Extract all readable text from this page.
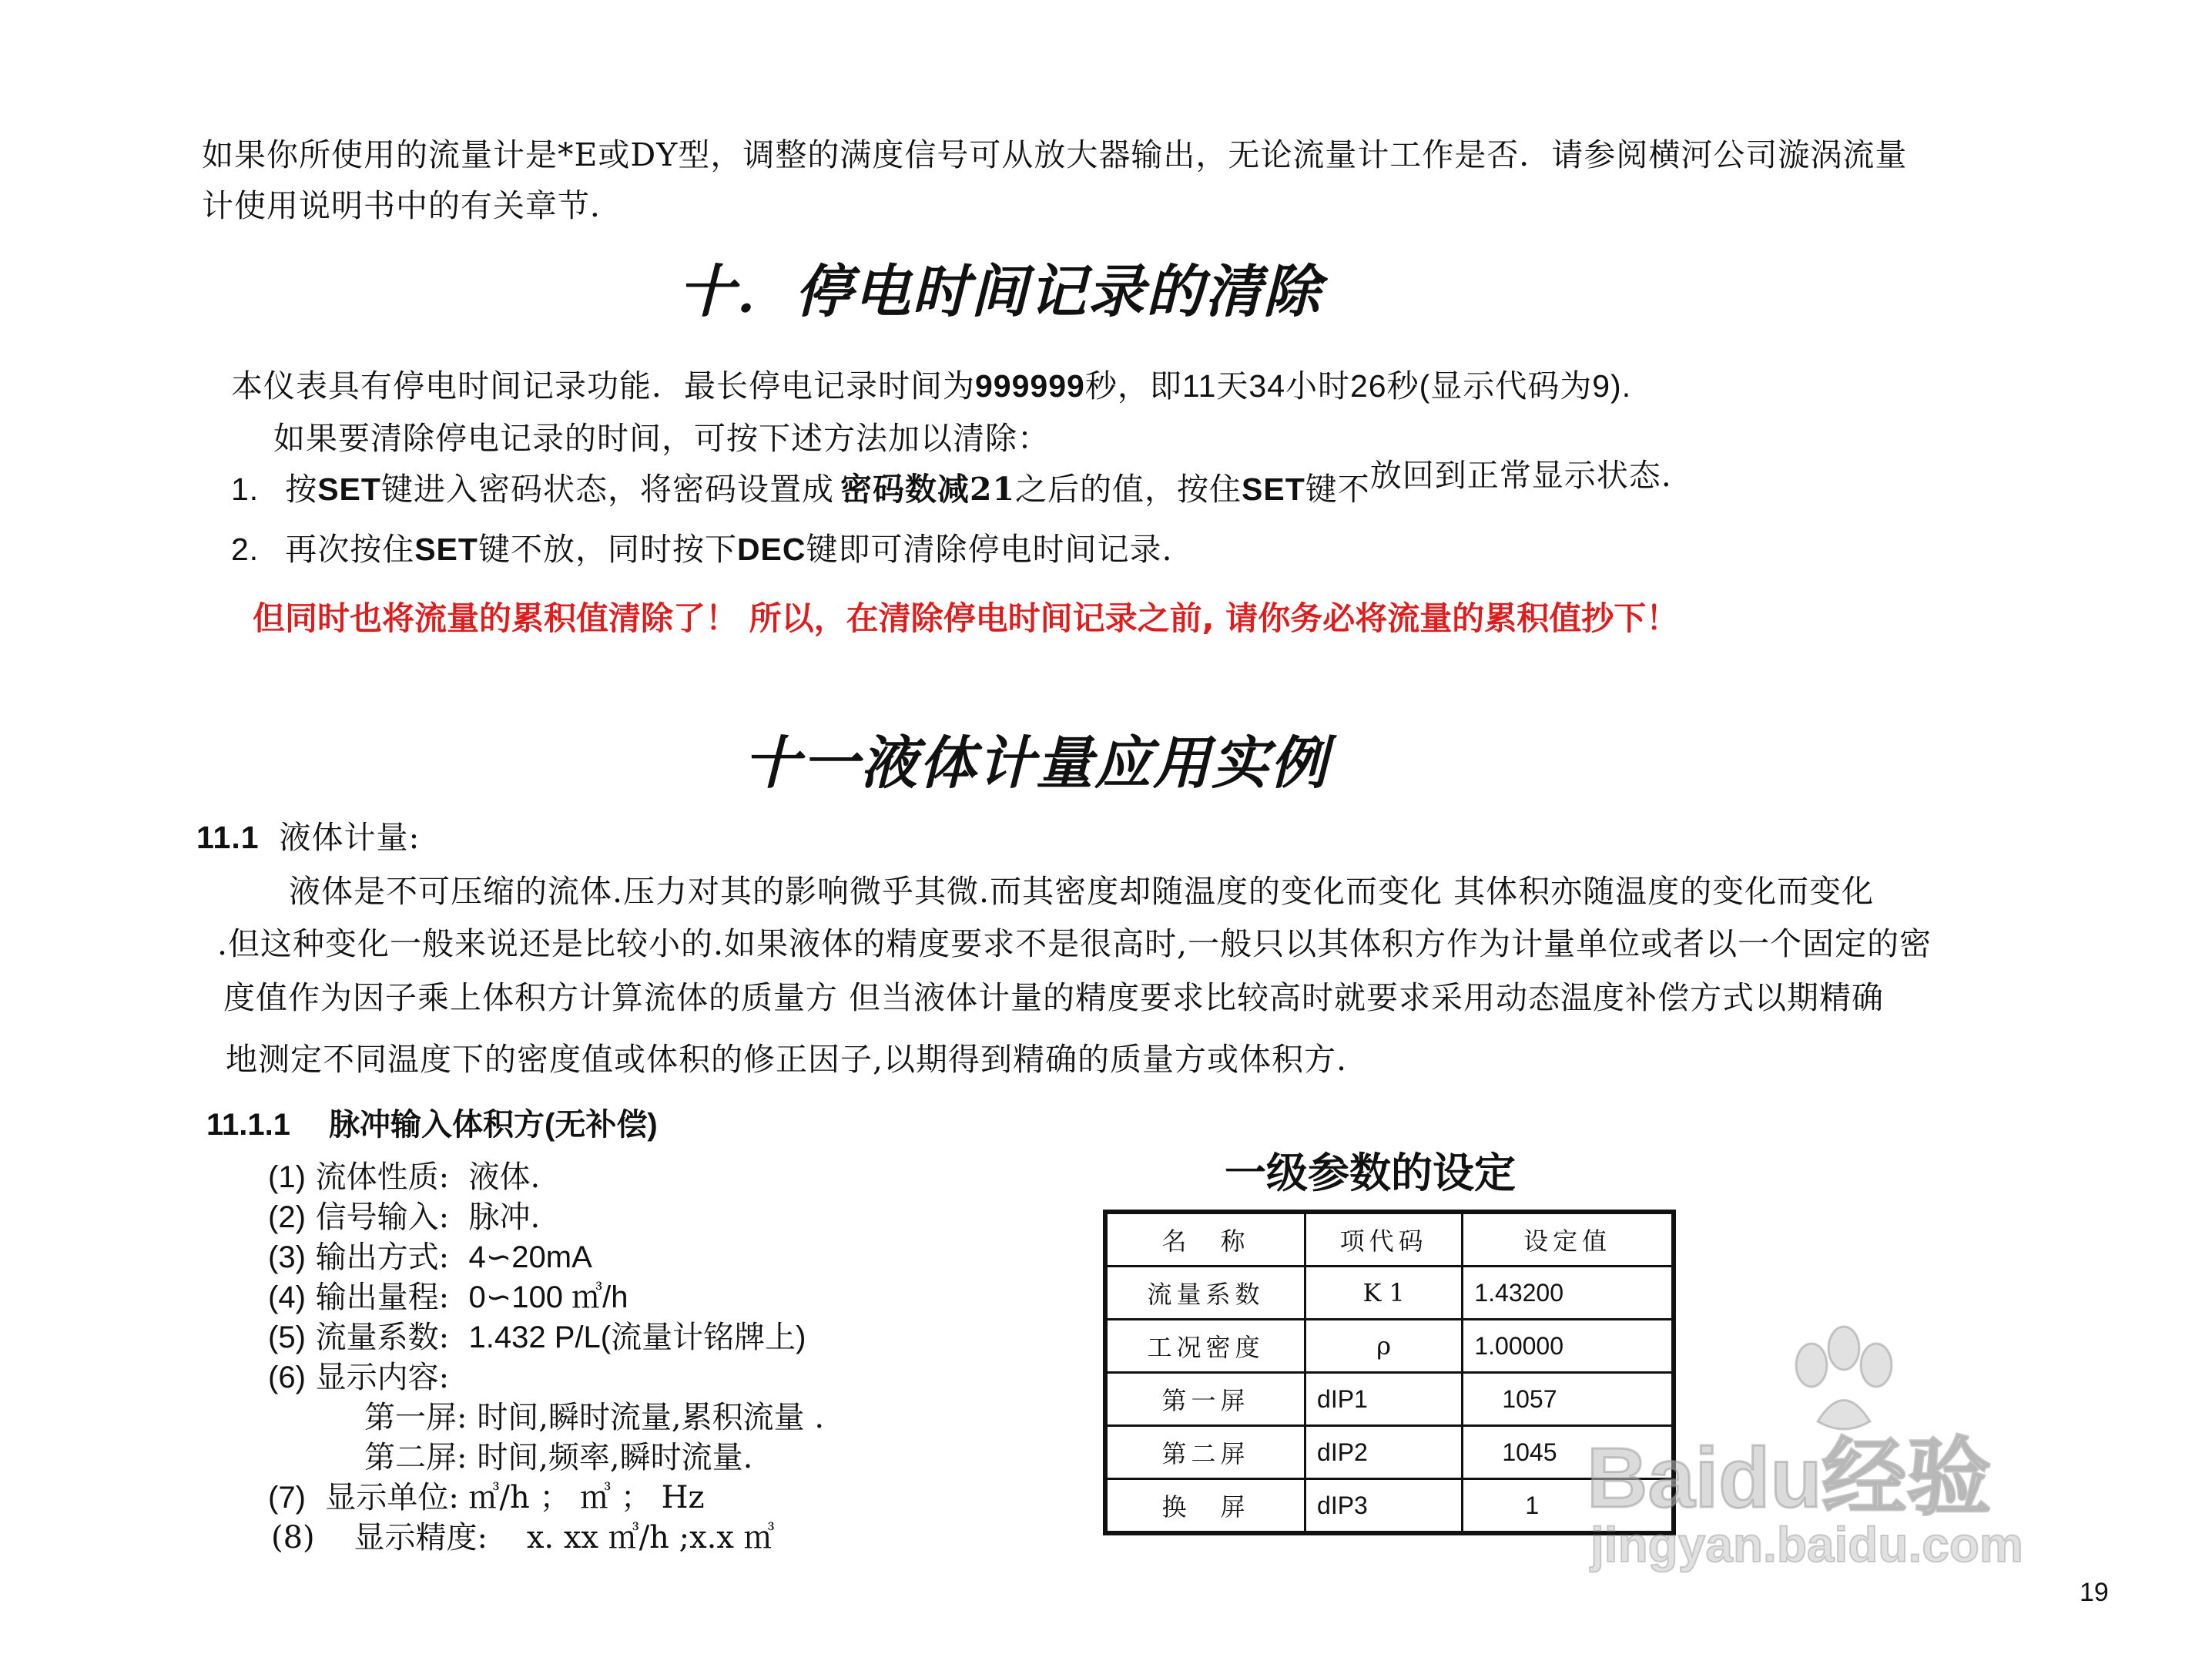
如果你所使用的流量计是*E或DY型，调整的满度信号可从放大器输出，无论流量计工作是否．请参阅横河公司漩涡流量
计使用说明书中的有关章节．
十．停电时间记录的清除
本仪表具有停电时间记录功能．最长停电记录时间为999999秒，即11天34小时26秒(显示代码为9).
如果要清除停电记录的时间，可按下述方法加以清除：
1. 按SET键进入密码状态，将密码设置成 密码数减21之后的值，按住SET键不放回到正常显示状态.
2. 再次按住SET键不放，同时按下DEC键即可清除停电时间记录.
但同时也将流量的累积值清除了！ 所以，在清除停电时间记录之前, 请你务必将流量的累积值抄下！
十一液体计量应用实例
11.1 液体计量:
液体是不可压缩的流体.压力对其的影响微乎其微.而其密度却随温度的变化而变化 其体积亦随温度的变化而变化
.但这种变化一般来说还是比较小的.如果液体的精度要求不是很高时,一般只以其体积方作为计量单位或者以一个固定的密
度值作为因子乘上体积方计算流体的质量方 但当液体计量的精度要求比较高时就要求采用动态温度补偿方式以期精确
地测定不同温度下的密度值或体积的修正因子,以期得到精确的质量方或体积方.
11.1.1 脉冲输入体积方(无补偿)
(1) 流体性质: 液体.
(2) 信号输入: 脉冲.
(3) 输出方式: 4∽20mA
(4) 输出量程: 0∽100 ㎥/h
(5) 流量系数: 1.432 P/L(流量计铭牌上)
(6) 显示内容:
第一屏: 时间,瞬时流量,累积流量 .
第二屏: 时间,频率,瞬时流量.
(7) 显示单位: ㎥/h ； ㎥ ； Hz
(8) 显示精度: x. xx ㎥/h ;x.x ㎥
一级参数的设定
名　称	项代码	设定值
流量系数	K 1	1.43200
工况密度	ρ	1.00000
第一屏	dIP1	1057
第二屏	dIP2	1045
换　屏	dIP3	1 Baidu经验
jingyan.baidu.com
19
